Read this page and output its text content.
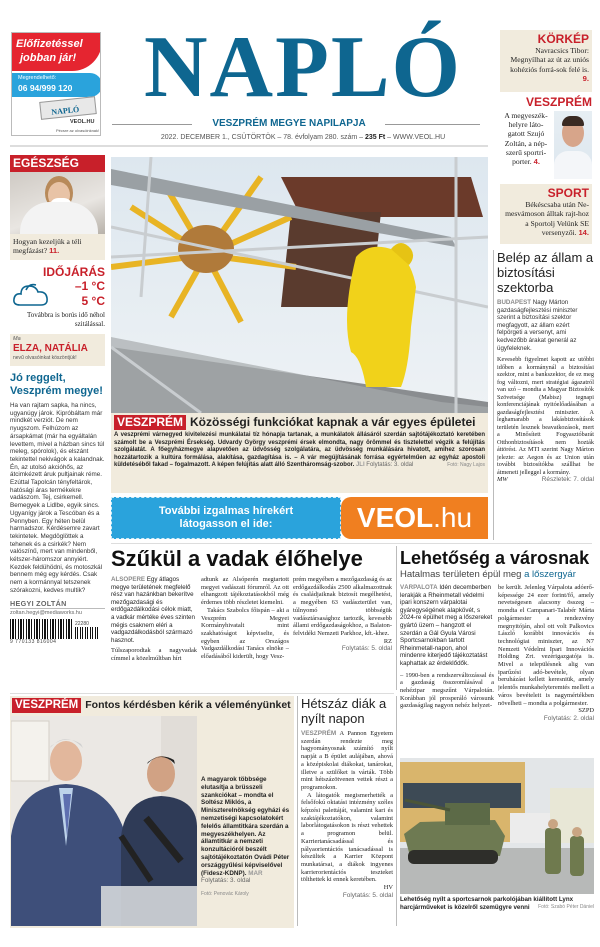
Előfizetéssel
jobban jár!
Megrendelhető:
06 94/999 120
NAPLÓ
VEOL.HU
Pécsre az olvasóinknak!
NAPLÓ
VESZPRÉM MEGYE NAPILAPJA
2022. DECEMBER 1., CSÜTÖRTÖK – 78. évfolyam 280. szám – 235 Ft – WWW.VEOL.HU
KÖRKÉP
Navracsics Tibor: Megnyílhat az út az uniós kohéziós forrá-sok felé is. 9.
VESZPRÉM
A megyeszék-helyre láto-gatott Szujó Zoltán, a nép-szerű sportri-porter. 4.
SPORT
Békéscsaba után Ne-mesvámoson álltak rajt-hoz a Sportolj Velünk SE versenyzői. 14.
EGÉSZSÉG
Hogyan kezeljük a téli megfázást? 11.
IDŐJÁRÁS
–1 °C
5 °C
Továbbra is borús idő néhol szitálással.
Ma
ELZA, NATÁLIA
nevű olvasóinkat köszöntjük!
Jó reggelt,
Veszprém megye!
Ha van rajtam sapka, ha nincs, ugyanúgy járok. Kipróbáltam már mindkét verziót. De nem nyugszom. Felhúzom az ársapkámat (már ha egyáltalán levettem, mivel a házban sincs túl meleg, spórolok), és elszánt tekintettel nekivágok a kalandnak. Én, az utolsó akcióhős, az átcimkézett áruk pultjainak réme. Ezúttal Tapolcán tényfeltárok, hatósági áras termékekre vadászom. Tej, csirkemell. Bemegyek a Lidlbe, egyik sincs. Ugyanígy járok a Tescóban és a Pennyben. Egy héten belül harmadszor. Kérdésemre zavart tekintetek. Megdöglöttek a tehenek és a csirkék? Nem valószínű, mert van mindenből, kétszer-háromszor annyiért. Kezdek feldühödni, és motoszkál bennem még egy kérdés. Csak nem a kormánnyal tetszenek szórakozni, kedves multik?
HEGYI ZOLTÁN
zoltan.hegyi@mediaworks.hu
22280
9 770133 816004
VESZPRÉM Közösségi funkciókat kapnak a vár egyes épületei
A veszprémi várnegyed kivitelezési munkálatai tíz hónapja tartanak, a munkálatok állásáról szerdán sajtótájékoztató keretében számolt be a Veszprémi Érsekség. Udvardy György veszprémi érsek elmondta, nagy örömmel és tisztelettel végzik a felújítás szolgálatát. A főegyházmegye alapvetően az üdvösség szolgálatára, az üdvösség munkálására hivatott, amihez szorosan hozzátartozik a kultúra formálása, alakítása, gazdagítása is. – A vár megújításának forrása egyértelműen az egyház apostoli küldetéséből fakad – fogalmazott. A képen felújítás alatt álló Szentháromság-szobor. JLI Folytatás: 3. oldal	Fotó: Nagy Lajos
További izgalmas hírekért
látogasson el ide:	VEOL.hu
Belép az állam a biztosítási szektorba
BUDAPEST Nagy Márton gazdaságfejlesztési miniszter szerint a biztosítási szektor megfagyott, az állam ezért felpörgeti a versenyt, ami kedvezőbb árakat generál az ügyfeleknek.
Kevesebb figyelmet kapott az utóbbi időben a kormánynál a biztosítási szektor, mint a bankszektor, de ez meg fog változni, mert stratégiai ágazatról van szó – mondta a Magyar Biztosítók Szövetsége (Mabisz) tegnapi konferenciájának nyitóelőadásában a gazdaságfejlesztési miniszter. A leghamarabb a lakásbiztosítások területén lesznek beavatkozások, mert a Minősített Fogyasztóbarát Otthonbiztosítások nem hozták áttörést. Az MTI szerint Nagy Márton jelezte: az Aegon és az Union után további biztosítókba szállhat be átmeneti jelleggel a kormány.
MW	Részletek: 7. oldal
Szűkül a vadak élőhelye
ALSÓPERE Egy átlagos megye területének megfelelő rész van hazánkban bekerítve mezőgazdasági és erdőgazdálkodási célok miatt, a vadkár mértéke éves szinten mégis csaknem eléri a vadgazdálkodásból származó hasznot.
Túlszaporodtak a nagyvadak címmel a közelmúltban hírt
adtunk az Alsóperén megtartott megyei vadászati fórumról. Az ott elhangzott tájékoztatásokból még érdemes több részletet kiemelni.
Takács Szabolcs főispán – aki a Veszprém Megyei Kormányhivatalt mint szakhatóságot képviselte, és egyben az Országos Vadgazdálkodási Tanács elnöke – előadásából kiderült, hogy Vesz-
prém megyében a mezőgazdaság és az erdőgazdálkodás 2500 alkalmazottnak és családjaiknak biztosít megélhetést, a megyében 63 vadászterület van, túlnyomó többségük vadásztársasághoz tartozik, kevesebb állami erdőgazdaságokhoz, a Balaton-felvidéki Nemzeti Parkhoz, kft.-khez.
RZ
Folytatás: 5. oldal
Lehetőség a városnak
Hatalmas területen épül meg a lőszergyár
VÁRPALOTA Idén decemberben lerakják a Rheinmetall védelmi ipari konszern várpalotai gyáregységének alapkövét, s 2024-re épülhet meg a lőszereket gyártó üzem – hangzott el szerdán a Gál Gyula Városi Sportcsarnokban tartott Rheinmetall-napon, ahol mindenre kiterjedő tájékoztatást kaphattak az érdeklődők.
– 1990-ben a rendszerváltozással és a gazdaság összeomlásával a nehézipar megszűnt Várpalotán. Korábban jól prosperáló városunk gazdaságilag nagyon nehéz helyzet-
be került. Jelenleg Várpalota adóerő-képessége 24 ezer forint/fő, amely nevetségesen alacsony összeg – mondta el Campanari-Talabér Márta polgármester a rendezvény megnyitóján, ahol ott volt Palkovics László korábbi innovációs és technológiai miniszter, az N7 Nemzeti Védelmi Ipari Innovációs Holding Zrt. vezérigazgatója is. Mivel a településnek alig van iparűzési adó-bevétele, olyan beruházást kellett keresniük, amely jelentős munkahelyteremtés mellett a város bevételeit is nagymértékben növelheti – mondta a polgármester.
SZPD
Folytatás: 2. oldal
Lehetőség nyílt a sportcsarnok parkolójában kiállított Lynx harcjárműveket is közelről szemügyre venni	Fotó: Szabó Péter Dániel
VESZPRÉM Fontos kérdésben kérik a véleményünket
A magyarok többsége elutasítja a brüsszeli szankciókat – mondta el Soltész Miklós, a Miniszterelnökség egyházi és nemzetiségi kapcsolatokért felelős államtitkára szerdán a megyeszékhelyen. Az államtitkár a nemzeti konzultációról beszélt sajtótájékoztatón Ovádi Péter országgyűlési képviselővel (Fidesz-KDNP). MAR
Folytatás: 3. oldal
Fotó: Penovác Károly
Hétszáz diák a nyílt napon
VESZPRÉM A Pannon Egyetem szerdán rendezte meg hagyományosnak számító nyílt napját a B épület aulájában, ahová a középiskolai diákokat, tanárokat, illetve a szülőket is várták. Több mint hétszázötvenen vettek részt a programokon.
A látogatók megismerhették a felsőfokú oktatási intézmény széles képzési palettáját, valamint kari és szaktájékoztatókon, valamint laborlátogatásokon is részt vehettek a programon belül. Karriertanácsadással és pályaorientációs tanácsadással is készültek a Karrier Központ munkatársai, a diákok ingyenes karrierorientációs teszteket tölthettek ki ennek keretében.
HV
Folytatás: 5. oldal
